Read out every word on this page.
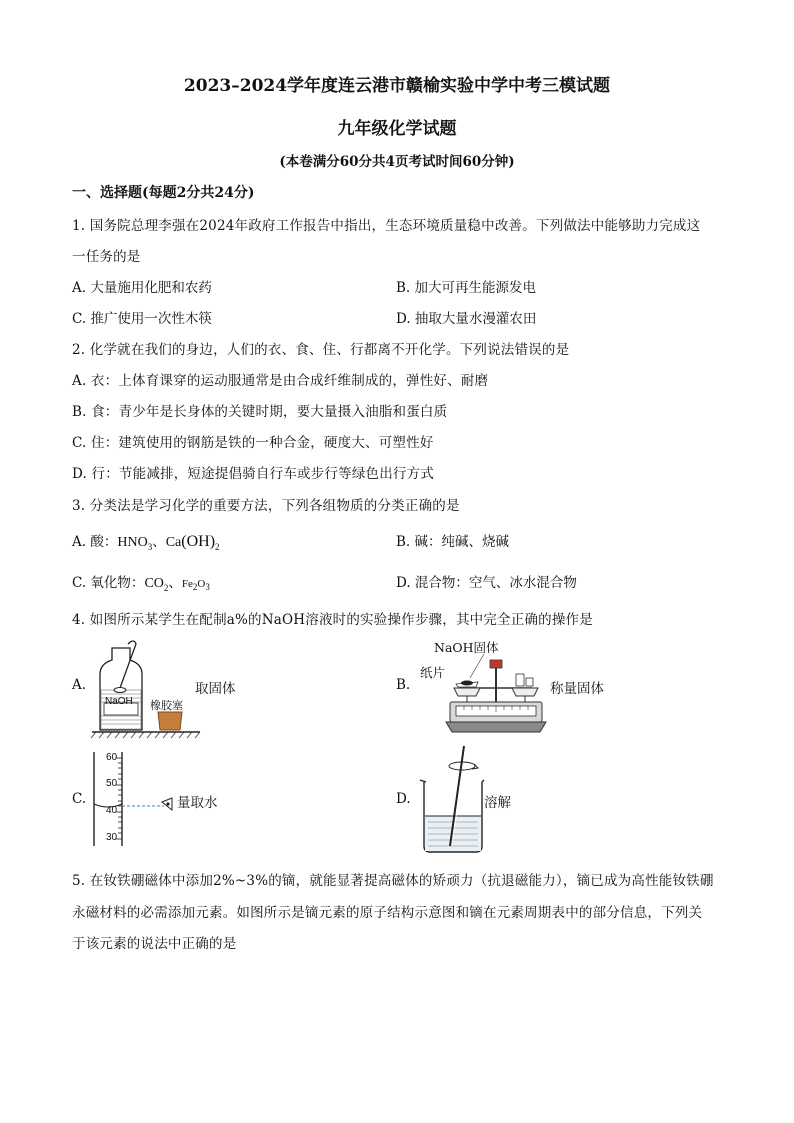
2023–2024学年度连云港市赣榆实验中学中考三模试题
九年级化学试题
(本卷满分60分共4页考试时间60分钟)
一、选择题(每题2分共24分)
1. 国务院总理李强在2024年政府工作报告中指出，生态环境质量稳中改善。下列做法中能够助力完成这
一任务的是
A. 大量施用化肥和农药	B. 加大可再生能源发电
C. 推广使用一次性木筷	D. 抽取大量水漫灌农田
2. 化学就在我们的身边，人们的衣、食、住、行都离不开化学。下列说法错误的是
A. 衣：上体育课穿的运动服通常是由合成纤维制成的，弹性好、耐磨
B. 食：青少年是长身体的关键时期，要大量摄入油脂和蛋白质
C. 住：建筑使用的钢筋是铁的一种合金，硬度大、可塑性好
D. 行：节能减排，短途提倡骑自行车或步行等绿色出行方式
3. 分类法是学习化学的重要方法，下列各组物质的分类正确的是
A. 酸：$HNO_3$、$Ca(OH)_2$	B. 碱：纯碱、烧碱
C. 氧化物：$CO_2$、$Fe_2O_3$	D. 混合物：空气、冰水混合物
4. 如图所示某学生在配制a%的NaOH溶液时的实验操作步骤，其中完全正确的操作是
A.
NaOH 橡胶塞
取固体	B.
NaOH固体
纸片
称量固体
C.
60
50
40
30
量取水	D.	溶解
5. 在钕铁硼磁体中添加2%~3%的镝，就能显著提高磁体的矫顽力（抗退磁能力），镝已成为高性能钕铁硼
永磁材料的必需添加元素。如图所示是镝元素的原子结构示意图和镝在元素周期表中的部分信息，下列关
于该元素的说法中正确的是
